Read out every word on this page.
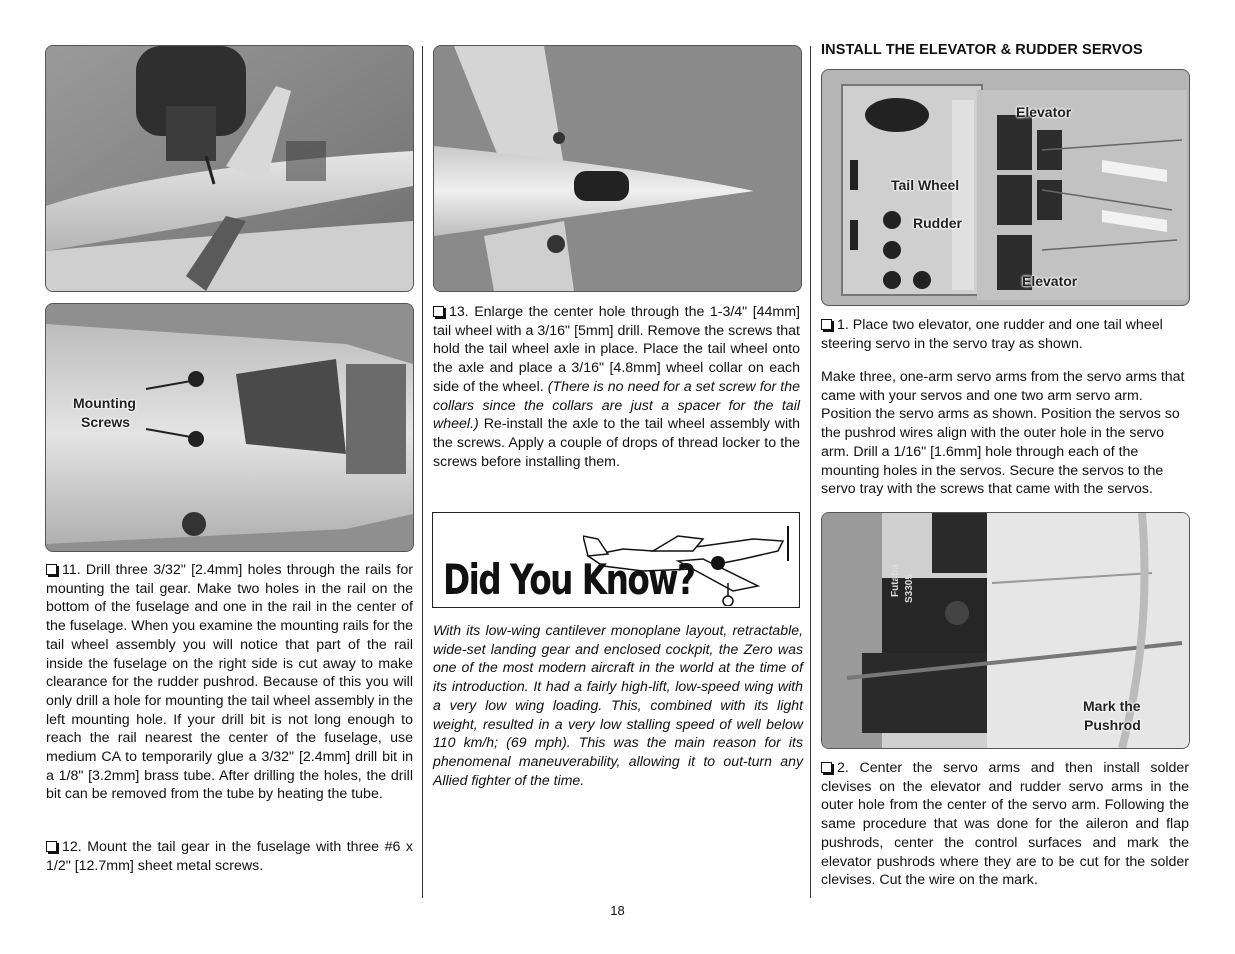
Mounting
Screws

11. Drill three 3/32" [2.4mm] holes through the rails for mounting the tail gear. Make two holes in the rail on the bottom of the fuselage and one in the rail in the center of the fuselage. When you examine the mounting rails for the tail wheel assembly you will notice that part of the rail inside the fuselage on the right side is cut away to make clearance for the rudder pushrod. Because of this you will only drill a hole for mounting the tail wheel assembly in the left mounting hole. If your drill bit is not long enough to reach the rail nearest the center of the fuselage, use medium CA to temporarily glue a 3/32" [2.4mm] drill bit in a 1/8" [3.2mm] brass tube. After drilling the holes, the drill bit can be removed from the tube by heating the tube.

12. Mount the tail gear in the fuselage with three #6 x 1/2" [12.7mm] sheet metal screws.

13. Enlarge the center hole through the 1-3/4" [44mm] tail wheel with a 3/16" [5mm] drill. Remove the screws that hold the tail wheel axle in place. Place the tail wheel onto the axle and place a 3/16" [4.8mm] wheel collar on each side of the wheel. (There is no need for a set screw for the collars since the collars are just a spacer for the tail wheel.) Re-install the axle to the tail wheel assembly with the screws. Apply a couple of drops of thread locker to the screws before installing them.

Did You Know?

With its low-wing cantilever monoplane layout, retractable, wide-set landing gear and enclosed cockpit, the Zero was one of the most modern aircraft in the world at the time of its introduction. It had a fairly high-lift, low-speed wing with a very low wing loading. This, combined with its light weight, resulted in a very low stalling speed of well below 110 km/h; (69 mph). This was the main reason for its phenomenal maneuverability, allowing it to out-turn any Allied fighter of the time.

INSTALL THE ELEVATOR & RUDDER SERVOS
Elevator
Tail Wheel
Rudder
Elevator

1. Place two elevator, one rudder and one tail wheel steering servo in the servo tray as shown.

Make three, one-arm servo arms from the servo arms that came with your servos and one two arm servo arm. Position the servo arms as shown. Position the servos so the pushrod wires align with the outer hole in the servo arm. Drill a 1/16" [1.6mm] hole through each of the mounting holes in the servos. Secure the servos to the servo tray with the screws that came with the servos.

Futaba S3305
Mark the
Pushrod

2. Center the servo arms and then install solder clevises on the elevator and rudder servo arms in the outer hole from the center of the servo arm. Following the same procedure that was done for the aileron and flap pushrods, center the control surfaces and mark the elevator pushrods where they are to be cut for the solder clevises. Cut the wire on the mark.

18
